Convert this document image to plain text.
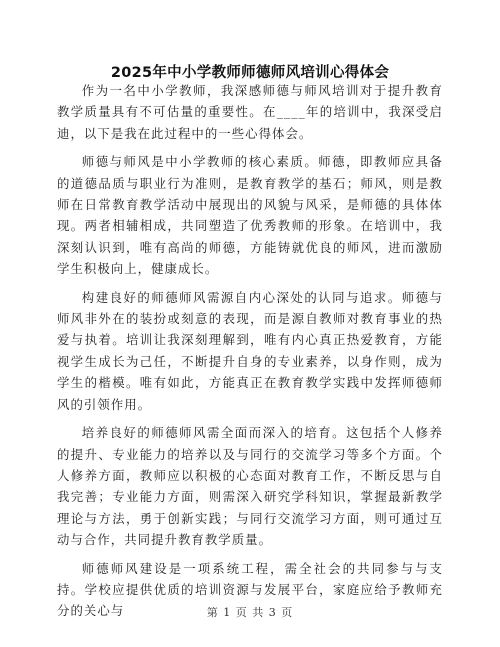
2025年中小学教师师德师风培训心得体会

作为一名中小学教师，我深感师德与师风培训对于提升教育教学质量具有不可估量的重要性。在____年的培训中，我深受启迪，以下是我在此过程中的一些心得体会。

师德与师风是中小学教师的核心素质。师德，即教师应具备的道德品质与职业行为准则，是教育教学的基石；师风，则是教师在日常教育教学活动中展现出的风貌与风采，是师德的具体体现。两者相辅相成，共同塑造了优秀教师的形象。在培训中，我深刻认识到，唯有高尚的师德，方能铸就优良的师风，进而激励学生积极向上，健康成长。

构建良好的师德师风需源自内心深处的认同与追求。师德与师风非外在的装扮或刻意的表现，而是源自教师对教育事业的热爱与执着。培训让我深刻理解到，唯有内心真正热爱教育，方能视学生成长为己任，不断提升自身的专业素养，以身作则，成为学生的楷模。唯有如此，方能真正在教育教学实践中发挥师德师风的引领作用。

培养良好的师德师风需全面而深入的培育。这包括个人修养的提升、专业能力的培养以及与同行的交流学习等多个方面。个人修养方面，教师应以积极的心态面对教育工作，不断反思与自我完善；专业能力方面，则需深入研究学科知识，掌握最新教学理论与方法，勇于创新实践；与同行交流学习方面，则可通过互动与合作，共同提升教育教学质量。

师德师风建设是一项系统工程，需全社会的共同参与与支持。学校应提供优质的培训资源与发展平台，家庭应给予教师充分的关心与	第 1 页 共 3 页
